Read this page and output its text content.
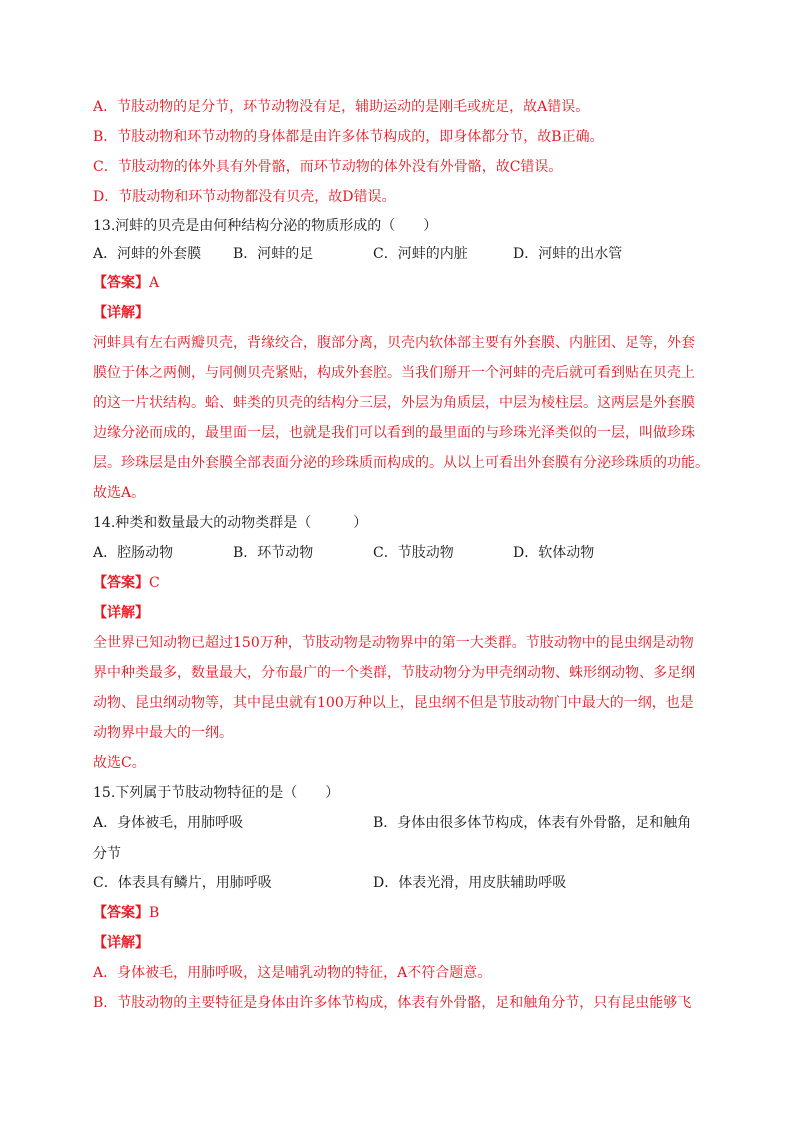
A．节肢动物的足分节，环节动物没有足，辅助运动的是刚毛或疣足，故A错误。
B．节肢动物和环节动物的身体都是由许多体节构成的，即身体都分节，故B正确。
C．节肢动物的体外具有外骨骼，而环节动物的体外没有外骨骼，故C错误。
D．节肢动物和环节动物都没有贝壳，故D错误。
13.河蚌的贝壳是由何种结构分泌的物质形成的（　　）
A．河蚌的外套膜 B．河蚌的足	C．河蚌的内脏	D．河蚌的出水管
【答案】A
【详解】
河蚌具有左右两瓣贝壳，背缘绞合，腹部分离，贝壳内软体部主要有外套膜、内脏团、足等，外套
膜位于体之两侧，与同侧贝壳紧贴，构成外套腔。当我们掰开一个河蚌的壳后就可看到贴在贝壳上
的这一片状结构。蛤、蚌类的贝壳的结构分三层，外层为角质层，中层为棱柱层。这两层是外套膜
边缘分泌而成的，最里面一层，也就是我们可以看到的最里面的与珍珠光泽类似的一层，叫做珍珠
层。珍珠层是由外套膜全部表面分泌的珍珠质而构成的。从以上可看出外套膜有分泌珍珠质的功能。
故选A。
14.种类和数量最大的动物类群是（　　　）
A．腔肠动物	B．环节动物	C．节肢动物	D．软体动物
【答案】C
【详解】
全世界已知动物已超过150万种，节肢动物是动物界中的第一大类群。节肢动物中的昆虫纲是动物
界中种类最多，数量最大，分布最广的一个类群，节肢动物分为甲壳纲动物、蛛形纲动物、多足纲
动物、昆虫纲动物等，其中昆虫就有100万种以上，昆虫纲不但是节肢动物门中最大的一纲，也是
动物界中最大的一纲。
故选C。
15.下列属于节肢动物特征的是（　　）
A．身体被毛，用肺呼吸	B．身体由很多体节构成，体表有外骨骼，足和触角
分节
C．体表具有鳞片，用肺呼吸	D．体表光滑，用皮肤辅助呼吸
【答案】B
【详解】
A．身体被毛，用肺呼吸，这是哺乳动物的特征，A不符合题意。
B．节肢动物的主要特征是身体由许多体节构成，体表有外骨骼，足和触角分节，只有昆虫能够飞
